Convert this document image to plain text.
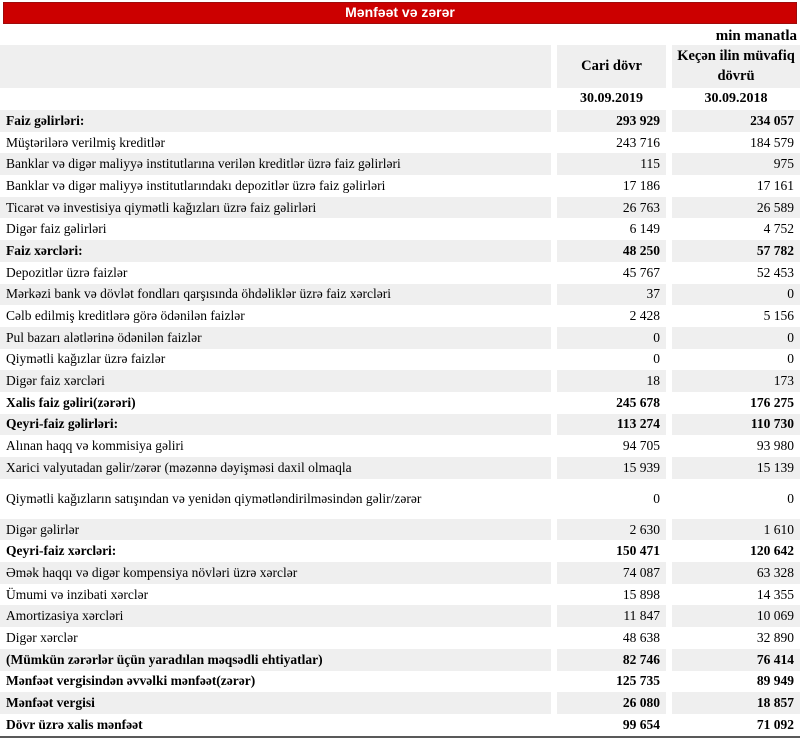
Mənfəət və zərər
min manatla
	Cari dövr	Keçən ilin müvafiq dövrü
	30.09.2019	30.09.2018
Faiz gəlirləri:	293 929	234 057
Müştərilərə verilmiş kreditlər	243 716	184 579
Banklar və digər maliyyə institutlarına verilən kreditlər üzrə faiz gəlirləri	115	975
Banklar və digər maliyyə institutlarındakı depozitlər üzrə faiz gəlirləri	17 186	17 161
Ticarət və investisiya qiymətli kağızları üzrə faiz gəlirləri	26 763	26 589
Digər faiz gəlirləri	6 149	4 752
Faiz xərcləri:	48 250	57 782
Depozitlər üzrə faizlər	45 767	52 453
Mərkəzi bank və dövlət fondları qarşısında öhdəliklər üzrə faiz xərcləri	37	0
Cəlb edilmiş kreditlərə görə ödənilən faizlər	2 428	5 156
Pul bazarı alətlərinə ödənilən faizlər	0	0
Qiymətli kağızlar üzrə faizlər	0	0
Digər faiz xərcləri	18	173
Xalis faiz gəliri(zərəri)	245 678	176 275
Qeyri-faiz gəlirləri:	113 274	110 730
Alınan haqq və kommisiya gəliri	94 705	93 980
Xarici valyutadan gəlir/zərər (məzənnə dəyişməsi daxil olmaqla	15 939	15 139
Qiymətli kağızların satışından və yenidən qiymətləndirilməsindən gəlir/zərər	0	0
Digər gəlirlər	2 630	1 610
Qeyri-faiz xərcləri:	150 471	120 642
Əmək haqqı və digər kompensiya növləri üzrə xərclər	74 087	63 328
Ümumi və inzibati xərclər	15 898	14 355
Amortizasiya xərcləri	11 847	10 069
Digər xərclər	48 638	32 890
(Mümkün zərərlər üçün yaradılan məqsədli ehtiyatlar)	82 746	76 414
Mənfəət vergisindən əvvəlki mənfəət(zərər)	125 735	89 949
Mənfəət vergisi	26 080	18 857
Dövr üzrə xalis mənfəət	99 654	71 092
